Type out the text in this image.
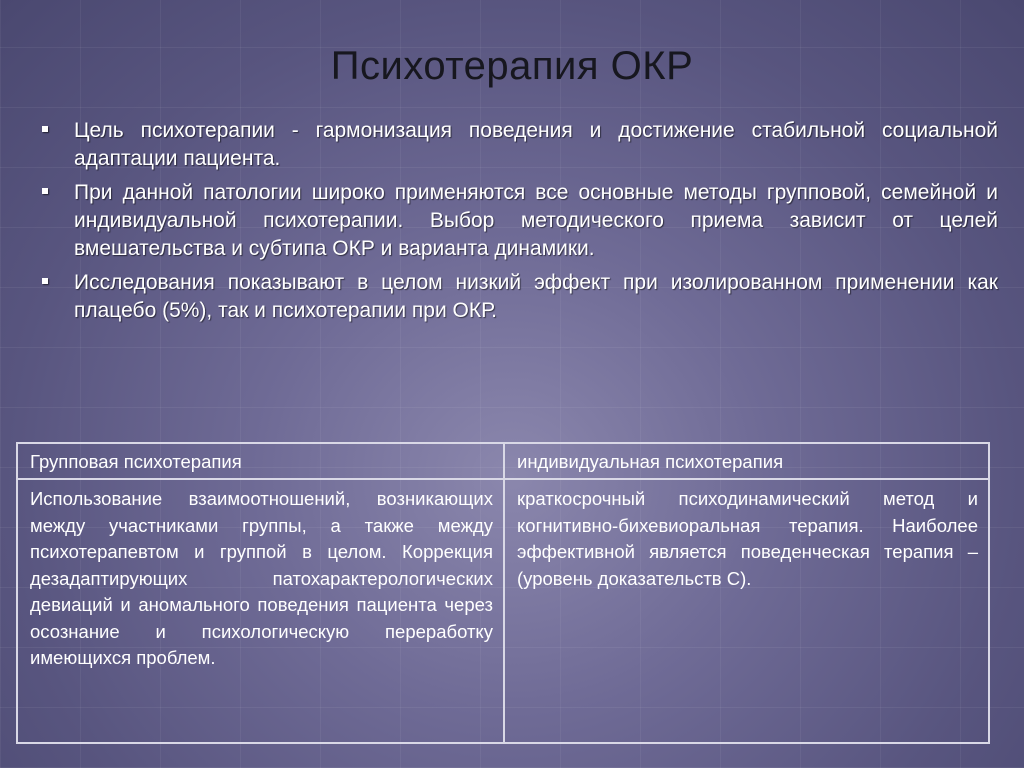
Психотерапия ОКР
Цель психотерапии - гармонизация поведения и достижение стабильной социальной адаптации пациента.
При данной патологии широко применяются все основные методы групповой, семейной и индивидуальной психотерапии. Выбор методического приема зависит от целей вмешательства и субтипа ОКР и варианта динамики.
Исследования показывают в целом низкий эффект при изолированном применении как плацебо (5%), так и психотерапии при ОКР.
Групповая психотерапия	индивидуальная психотерапия
Использование взаимоотношений, возникающих между участниками группы, а также между психотерапевтом и группой в целом. Коррекция дезадаптирующих патохарактерологических девиаций и аномального поведения пациента через осознание и психологическую переработку имеющихся проблем.
краткосрочный психодинамический метод и когнитивно-бихевиоральная терапия. Наиболее эффективной является поведенческая терапия – (уровень доказательств С).
